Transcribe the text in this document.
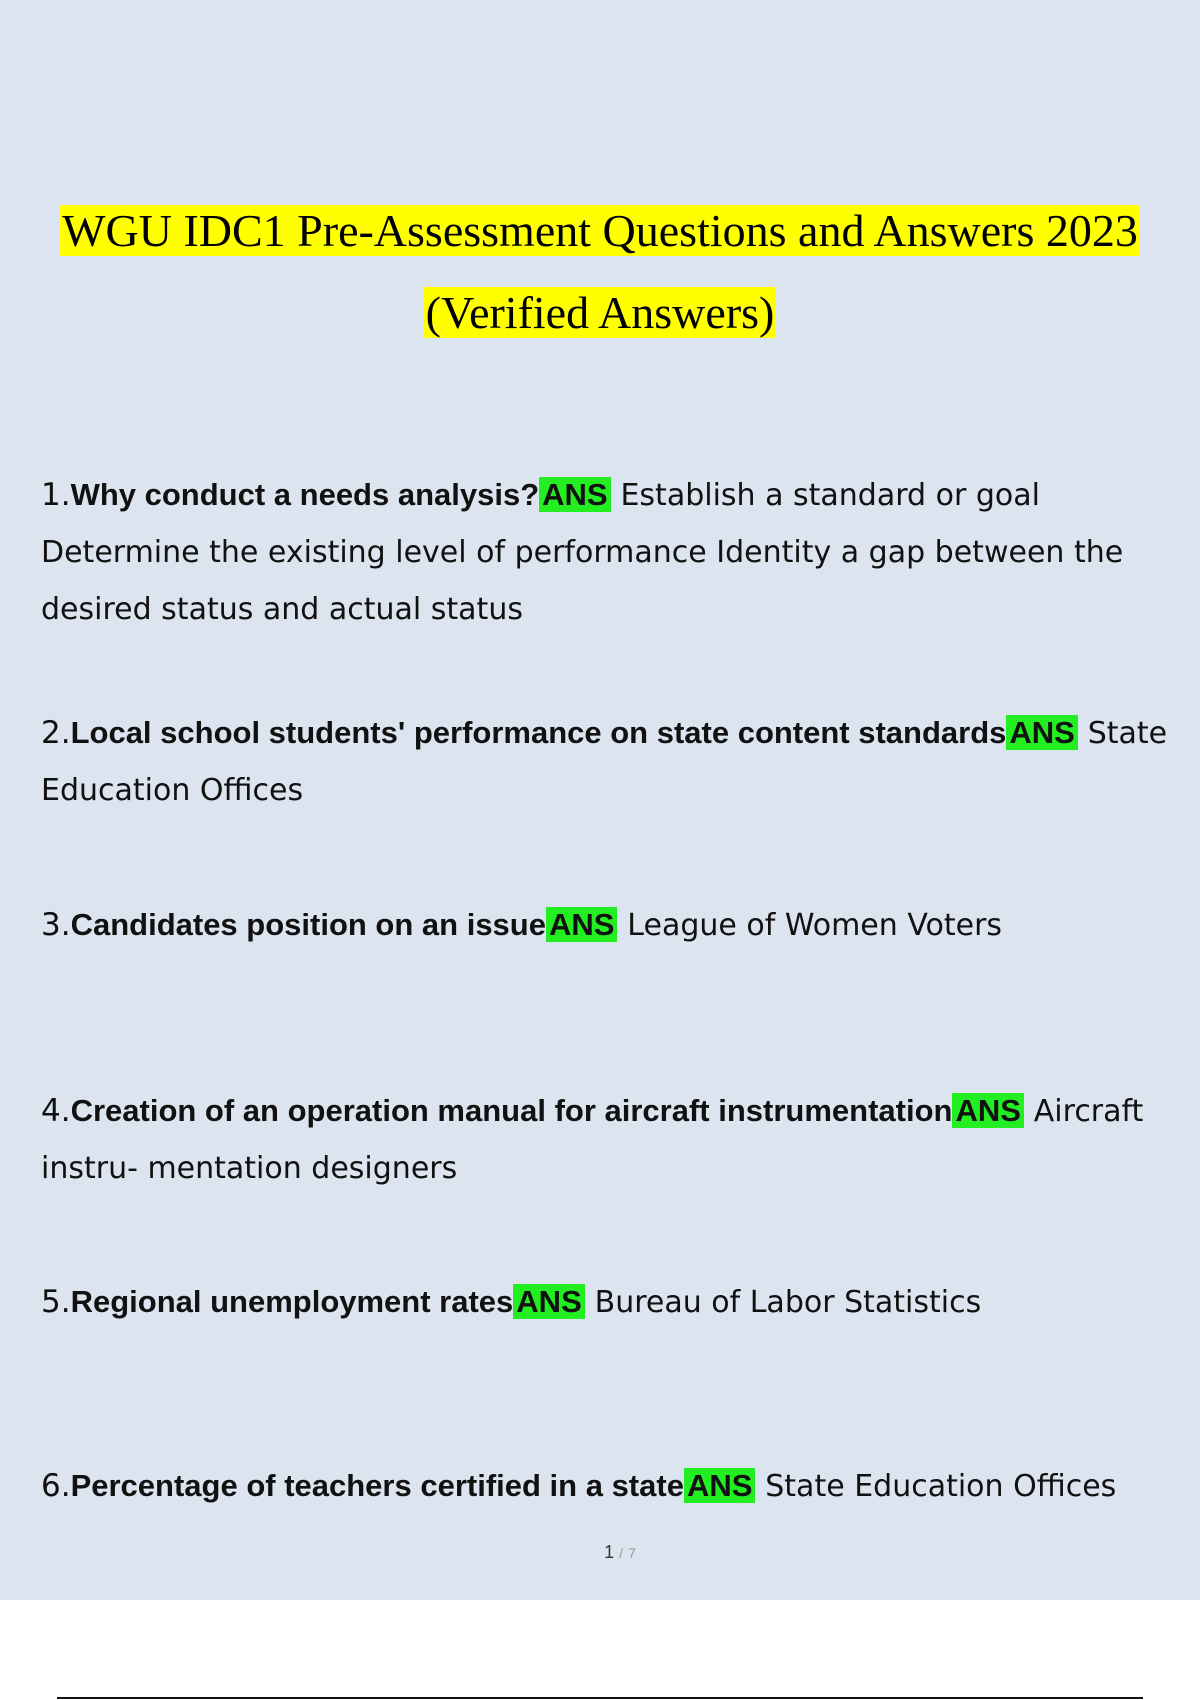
WGU IDC1 Pre-Assessment Questions and Answers 2023
(Verified Answers)
1.Why conduct a needs analysis?ANS Establish a standard or goal Determine the existing level of performance Identity a gap between the desired status and actual status
2.Local school students' performance on state content standardsANS State Education Offices
3.Candidates position on an issueANS League of Women Voters
4.Creation of an operation manual for aircraft instrumentationANS Aircraft instru- mentation designers
5.Regional unemployment ratesANS Bureau of Labor Statistics
6.Percentage of teachers certified in a stateANS State Education Offices
1 / 7
